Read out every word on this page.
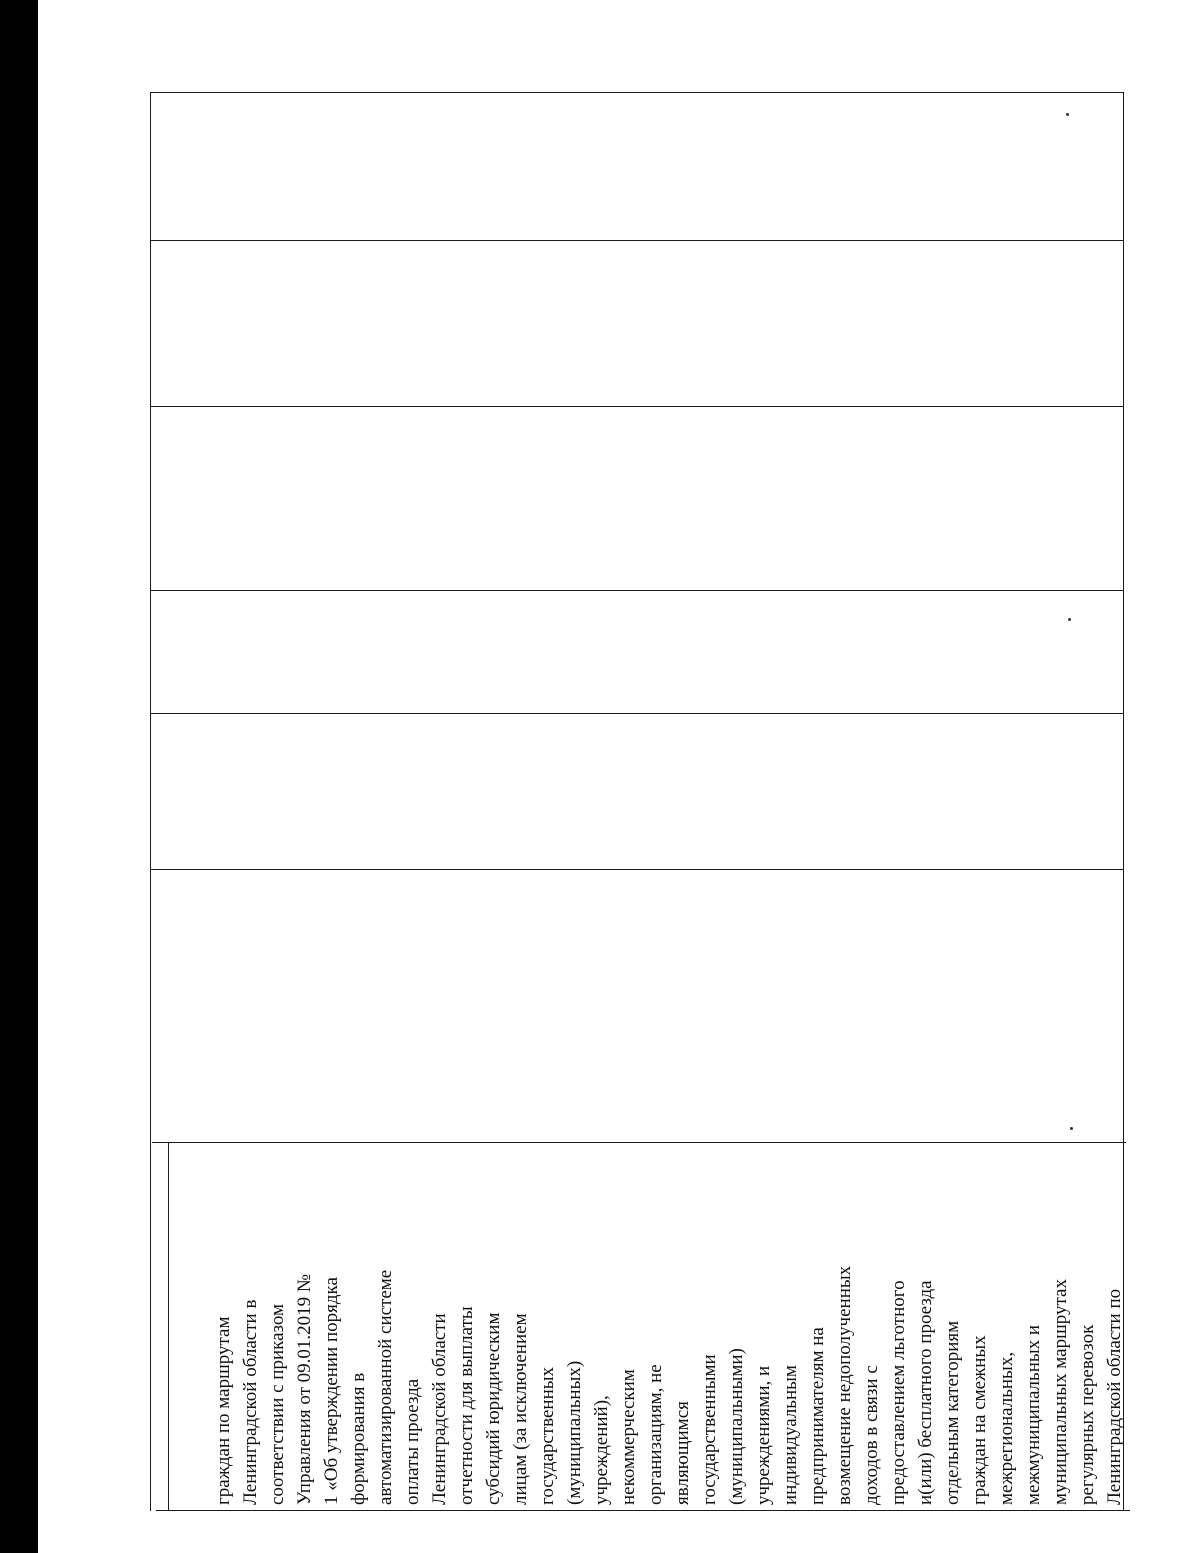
граждан по маршрутам Ленинградской области в соответствии с приказом Управления от 09.01.2019 № 1 «Об утверждении порядка формирования в автоматизированной системе оплаты проезда Ленинградской области отчетности для выплаты субсидий юридическим лицам (за исключением государственных (муниципальных) учреждений), некоммерческим организациям, не являющимся государственными (муниципальными) учреждениями, и индивидуальным предпринимателям на возмещение недополученных доходов в связи с предоставлением льготного и(или) бесплатного проезда отдельным категориям граждан на смежных межрегиональных, межмуниципальных и муниципальных маршрутах регулярных перевозок Ленинградской области по
